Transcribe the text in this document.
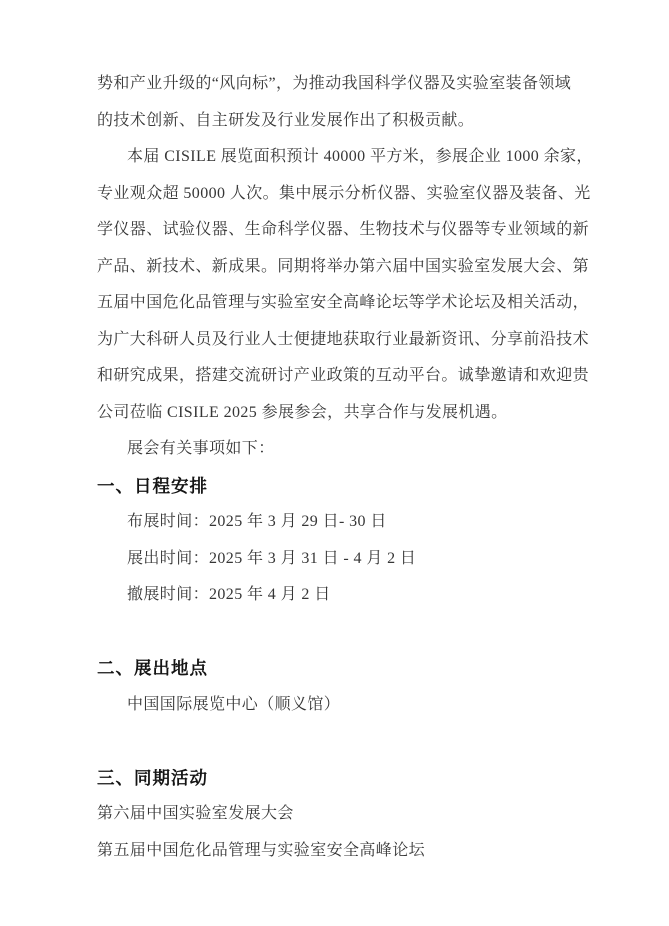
势和产业升级的“风向标”，为推动我国科学仪器及实验室装备领域
的技术创新、自主研发及行业发展作出了积极贡献。
本届 CISILE 展览面积预计 40000 平方米，参展企业 1000 余家，
专业观众超 50000 人次。集中展示分析仪器、实验室仪器及装备、光
学仪器、试验仪器、生命科学仪器、生物技术与仪器等专业领域的新
产品、新技术、新成果。同期将举办第六届中国实验室发展大会、第
五届中国危化品管理与实验室安全高峰论坛等学术论坛及相关活动，
为广大科研人员及行业人士便捷地获取行业最新资讯、分享前沿技术
和研究成果，搭建交流研讨产业政策的互动平台。诚挚邀请和欢迎贵
公司莅临 CISILE 2025 参展参会，共享合作与发展机遇。
展会有关事项如下：
一、日程安排
布展时间：2025 年 3 月 29 日- 30 日
展出时间：2025 年 3 月 31 日 - 4 月 2 日
撤展时间：2025 年 4 月 2 日
二、展出地点
中国国际展览中心（顺义馆）
三、同期活动
第六届中国实验室发展大会
第五届中国危化品管理与实验室安全高峰论坛
